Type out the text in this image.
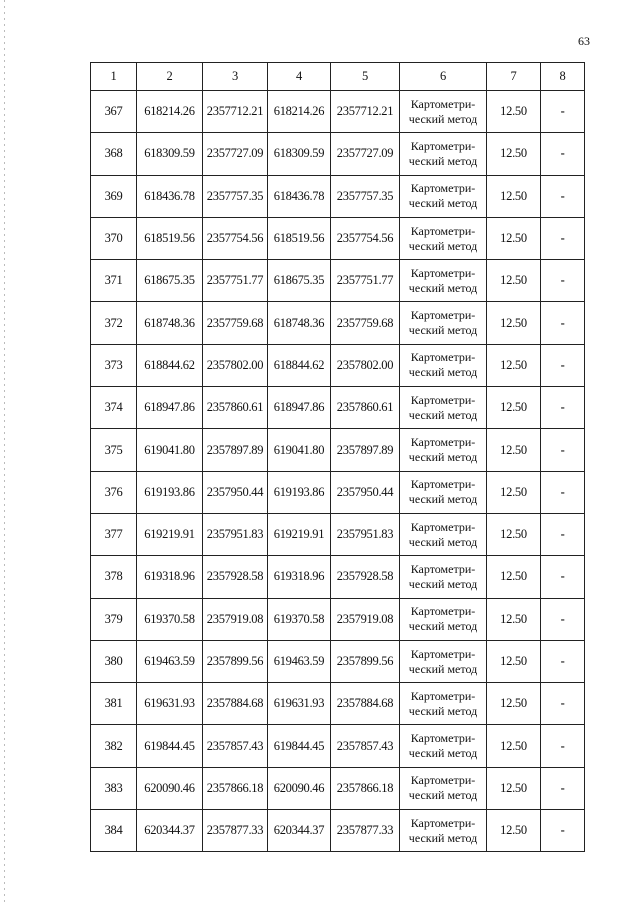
63
1	2	3	4	5	6	7	8
367	618214.26	2357712.21	618214.26	2357712.21	Картометри-ческий метод	12.50	-
368	618309.59	2357727.09	618309.59	2357727.09	Картометри-ческий метод	12.50	-
369	618436.78	2357757.35	618436.78	2357757.35	Картометри-ческий метод	12.50	-
370	618519.56	2357754.56	618519.56	2357754.56	Картометри-ческий метод	12.50	-
371	618675.35	2357751.77	618675.35	2357751.77	Картометри-ческий метод	12.50	-
372	618748.36	2357759.68	618748.36	2357759.68	Картометри-ческий метод	12.50	-
373	618844.62	2357802.00	618844.62	2357802.00	Картометри-ческий метод	12.50	-
374	618947.86	2357860.61	618947.86	2357860.61	Картометри-ческий метод	12.50	-
375	619041.80	2357897.89	619041.80	2357897.89	Картометри-ческий метод	12.50	-
376	619193.86	2357950.44	619193.86	2357950.44	Картометри-ческий метод	12.50	-
377	619219.91	2357951.83	619219.91	2357951.83	Картометри-ческий метод	12.50	-
378	619318.96	2357928.58	619318.96	2357928.58	Картометри-ческий метод	12.50	-
379	619370.58	2357919.08	619370.58	2357919.08	Картометри-ческий метод	12.50	-
380	619463.59	2357899.56	619463.59	2357899.56	Картометри-ческий метод	12.50	-
381	619631.93	2357884.68	619631.93	2357884.68	Картометри-ческий метод	12.50	-
382	619844.45	2357857.43	619844.45	2357857.43	Картометри-ческий метод	12.50	-
383	620090.46	2357866.18	620090.46	2357866.18	Картометри-ческий метод	12.50	-
384	620344.37	2357877.33	620344.37	2357877.33	Картометри-ческий метод	12.50	-
